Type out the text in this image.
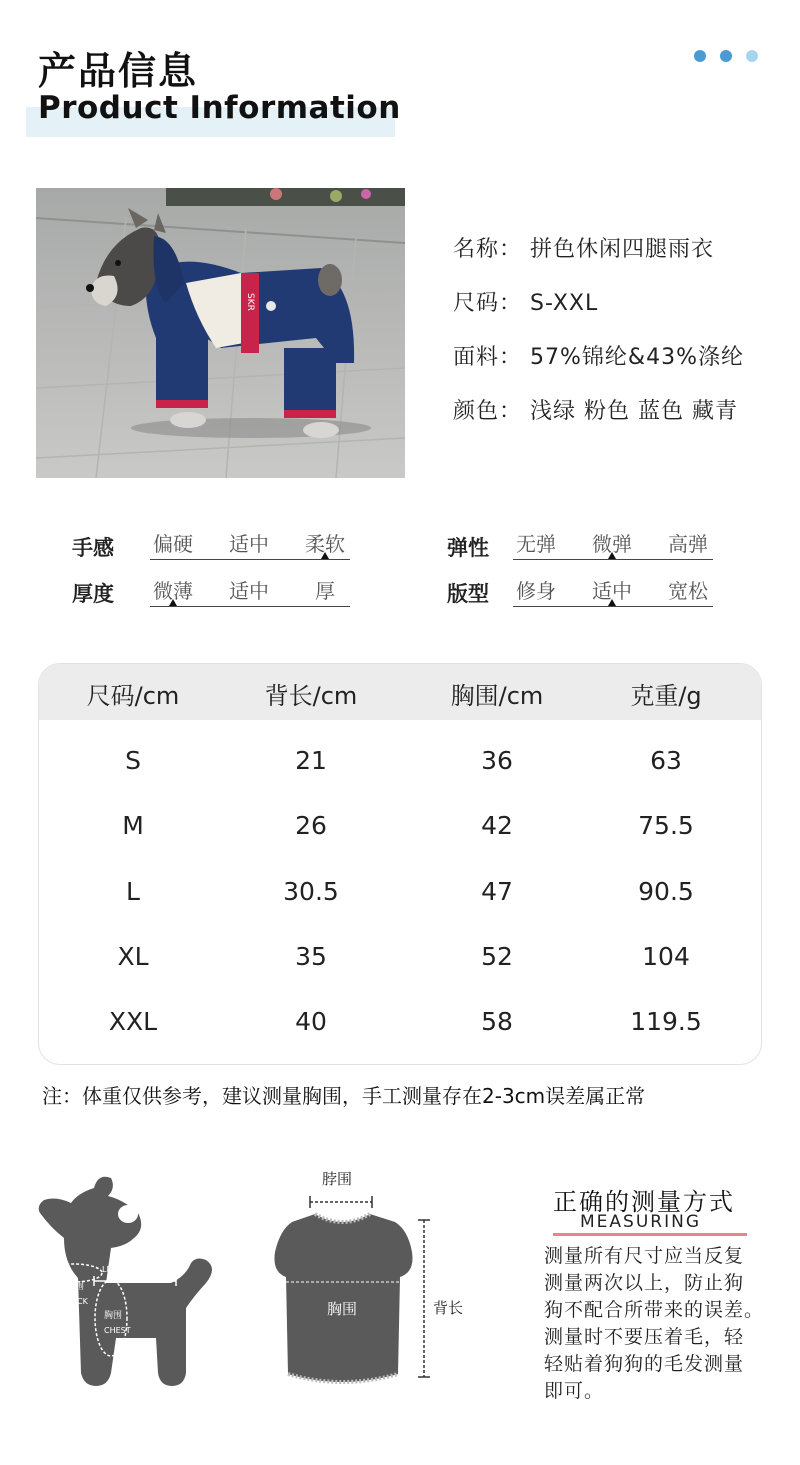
产品信息
Product Information
SKR
名称： 拼色休闲四腿雨衣
尺码： S-XXL
面料： 57%锦纶&43%涤纶
颜色： 浅绿 粉色 蓝色 藏青
手感	偏硬	适中	柔软
厚度	微薄	适中	厚
弹性	无弹	微弹	高弹
版型	修身	适中	宽松
尺码/cm	背长/cm	胸围/cm	克重/g
S	21	36	63
M	26	42	75.5
L	30.5	47	90.5
XL	35	52	104
XXL	40	58	119.5
注：体重仅供参考，建议测量胸围，手工测量存在2-3cm误差属正常
LENGTH背长
脖围
NECK
胸围
CHEST
脖围
胸围	背长
正确的测量方式
MEASURING
测量所有尺寸应当反复
测量两次以上，防止狗
狗不配合所带来的误差。
测量时不要压着毛，轻
轻贴着狗狗的毛发测量
即可。
